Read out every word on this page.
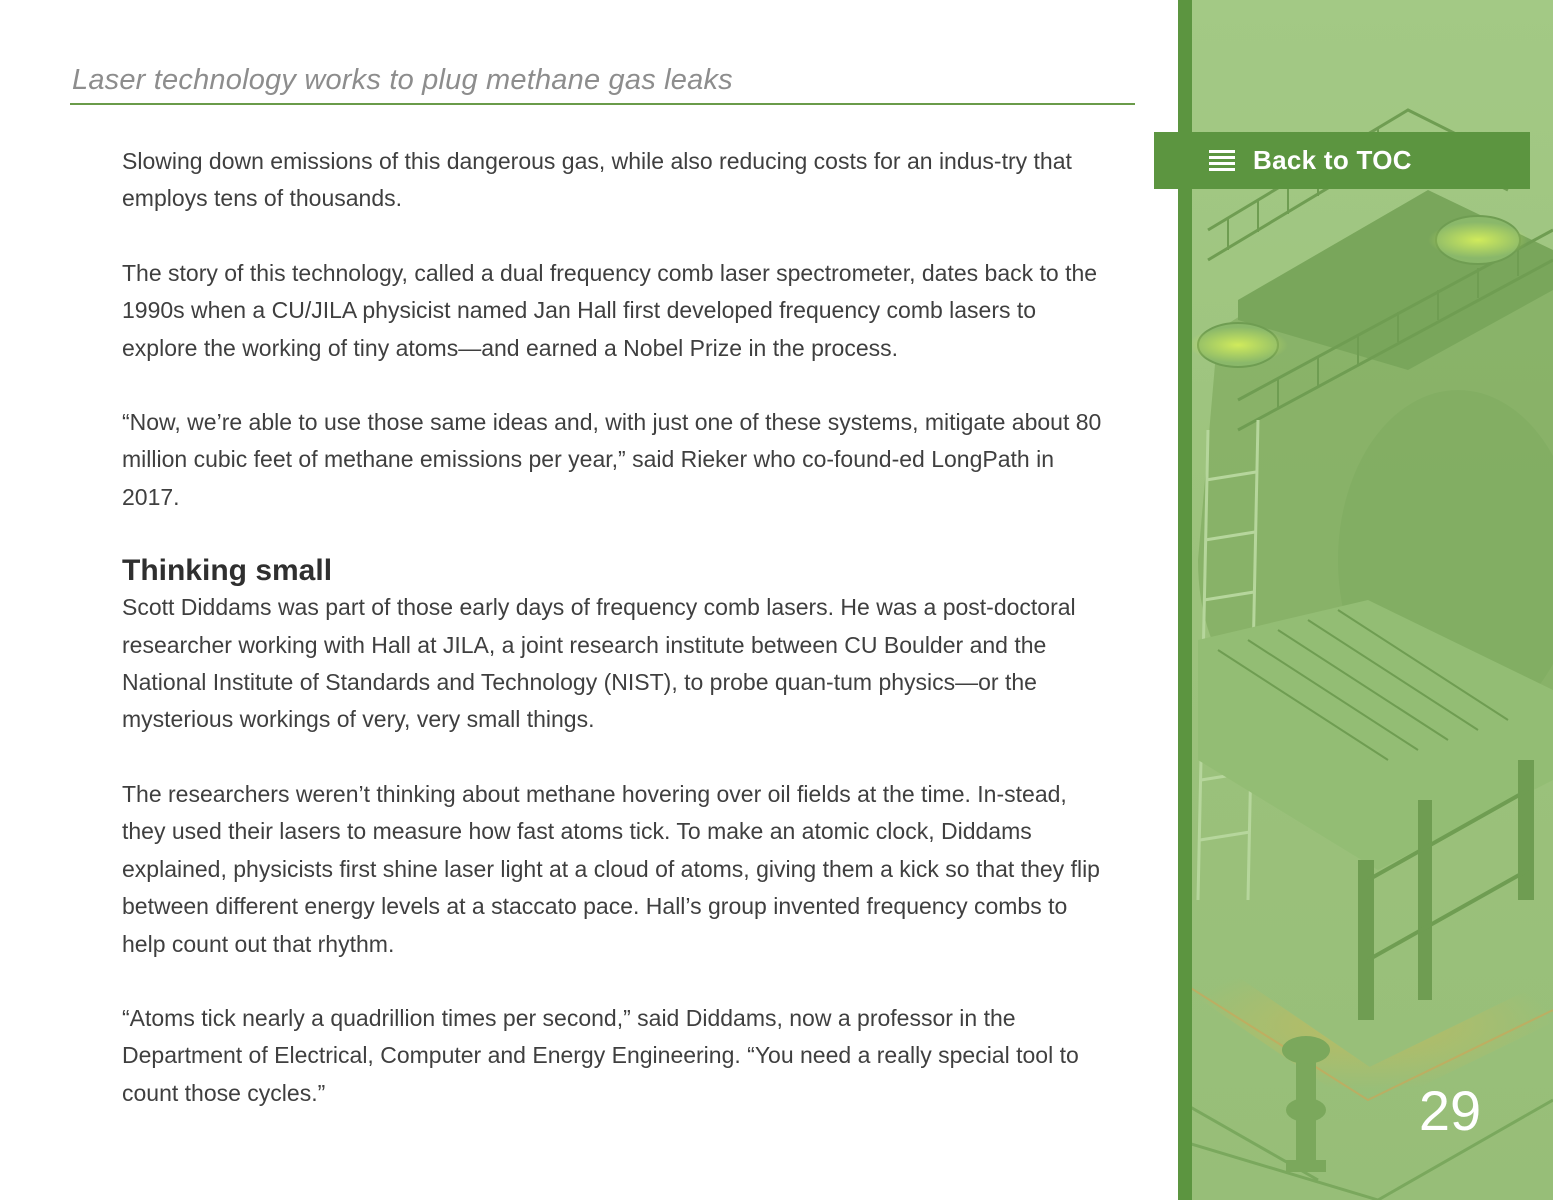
Laser technology works to plug methane gas leaks

Slowing down emissions of this dangerous gas, while also reducing costs for an indus-try that employs tens of thousands.

The story of this technology, called a dual frequency comb laser spectrometer, dates back to the 1990s when a CU/JILA physicist named Jan Hall first developed frequency comb lasers to explore the working of tiny atoms—and earned a Nobel Prize in the process.

“Now, we’re able to use those same ideas and, with just one of these systems, mitigate about 80 million cubic feet of methane emissions per year,” said Rieker who co-found-ed LongPath in 2017.

Thinking small

Scott Diddams was part of those early days of frequency comb lasers. He was a post-doctoral researcher working with Hall at JILA, a joint research institute between CU Boulder and the National Institute of Standards and Technology (NIST), to probe quan-tum physics—or the mysterious workings of very, very small things.

The researchers weren’t thinking about methane hovering over oil fields at the time. In-stead, they used their lasers to measure how fast atoms tick. To make an atomic clock, Diddams explained, physicists first shine laser light at a cloud of atoms, giving them a kick so that they flip between different energy levels at a staccato pace. Hall’s group invented frequency combs to help count out that rhythm.

“Atoms tick nearly a quadrillion times per second,” said Diddams, now a professor in the Department of Electrical, Computer and Energy Engineering. “You need a really special tool to count those cycles.”

Back to TOC
29
